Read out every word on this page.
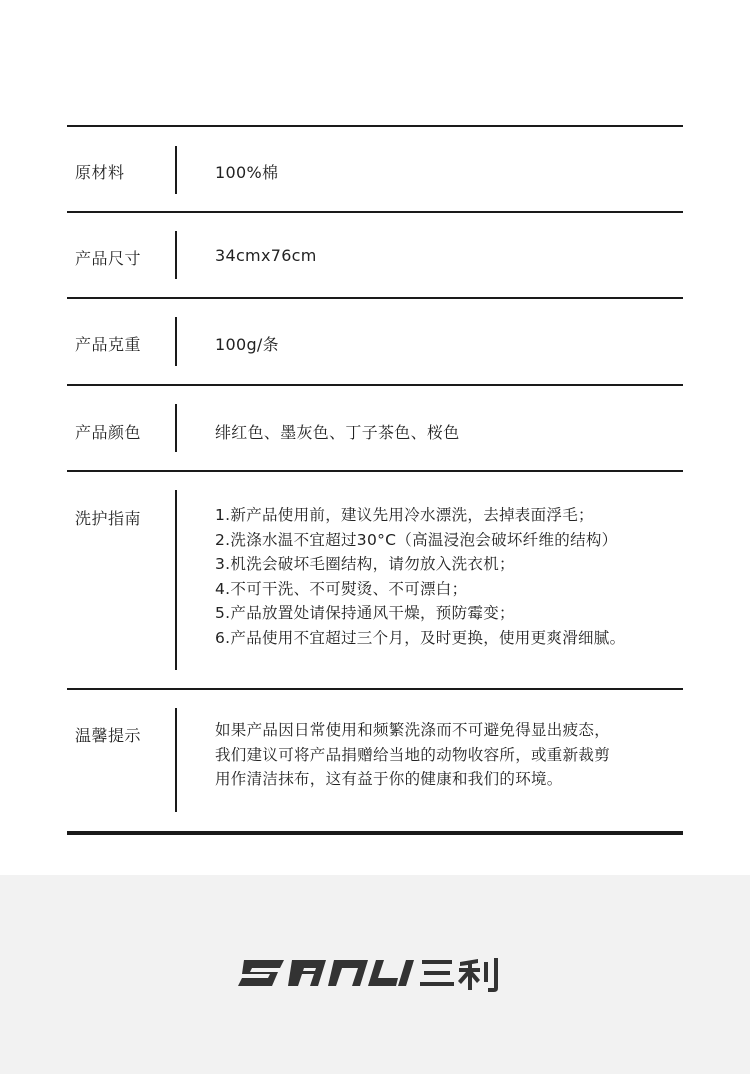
原材料	100%棉
产品尺寸	34cmx76cm
产品克重	100g/条
产品颜色	绯红色、墨灰色、丁子茶色、桜色
洗护指南	1.新产品使用前，建议先用冷水漂洗，去掉表面浮毛；
2.洗涤水温不宜超过30°C（高温浸泡会破坏纤维的结构）
3.机洗会破坏毛圈结构，请勿放入洗衣机；
4.不可干洗、不可熨烫、不可漂白；
5.产品放置处请保持通风干燥，预防霉变；
6.产品使用不宜超过三个月，及时更换，使用更爽滑细腻。
温馨提示	如果产品因日常使用和频繁洗涤而不可避免得显出疲态，
我们建议可将产品捐赠给当地的动物收容所，或重新裁剪
用作清洁抹布，这有益于你的健康和我们的环境。
